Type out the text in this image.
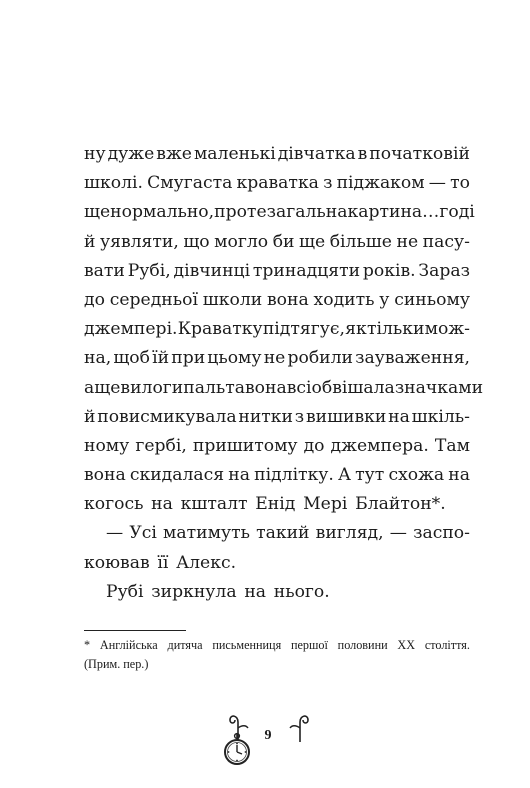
ну дуже вже маленькі дівчатка в початковій
школі. Смугаста краватка з піджаком — то
ще нормально, проте загальна картина… годі
й уявляти, що могло би ще більше не пасу-
вати Рубі, дівчинці тринадцяти років. Зараз
до середньої школи вона ходить у синьому
джемпері. Краватку підтягує, як тільки мож-
на, щоб їй при цьому не робили зауваження,
а ще вилоги пальта вона всі обвішала значками
й повисмикувала нитки з вишивки на шкіль-
ному гербі, пришитому до джемпера. Там
вона скидалася на підлітку. А тут схожа на
когось на кшталт Енід Мері Блайтон*.
— Усі матимуть такий вигляд, — заспо-
коював її Алекс.
Рубі зиркнула на нього.
* Англійська дитяча письменниця першої половини ХХ століття.
(Прим. пер.)
9
